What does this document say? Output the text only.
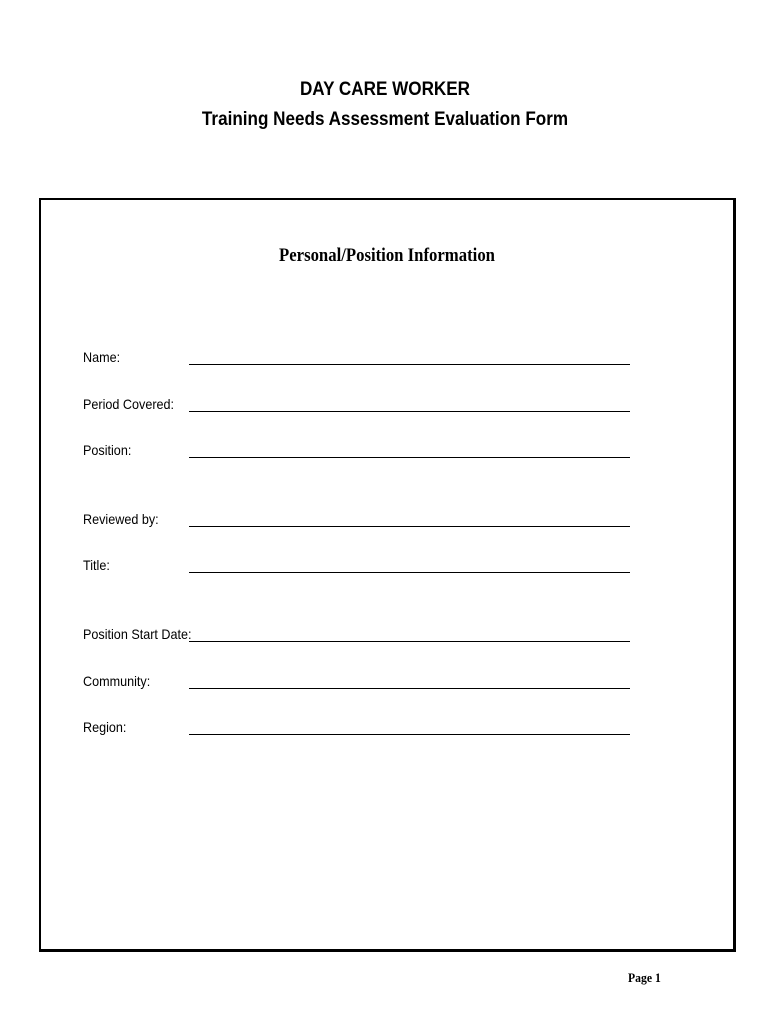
DAY CARE WORKER
Training Needs Assessment Evaluation Form
Personal/Position Information
Name:
Period Covered:
Position:
Reviewed by:
Title:
Position Start Date:
Community:
Region:
Page 1
